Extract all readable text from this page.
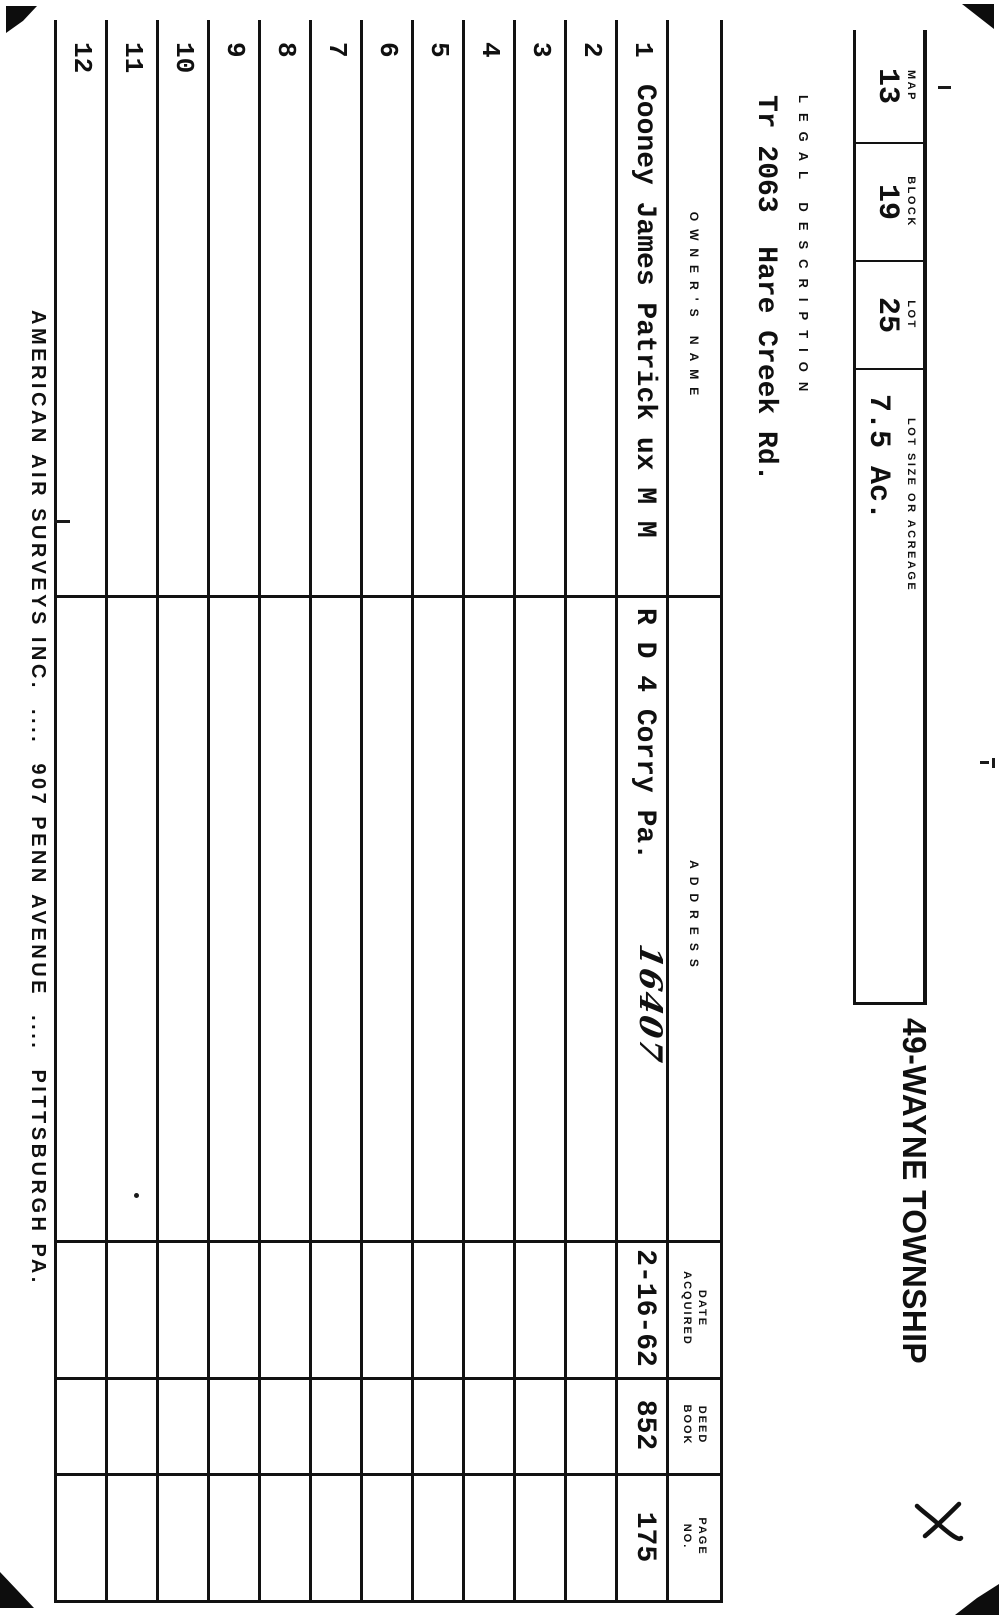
MAP
13
BLOCK
19
LOT
25
LOT SIZE OR ACREAGE
7.5 Ac.
49-WAYNE TOWNSHIP
LEGAL DESCRIPTION
Tr 2063  Hare Creek Rd.
OWNER'S NAME
ADDRESS
DATE
ACQUIRED
DEED
BOOK
PAGE
NO.
1
2
3
4
5
6
7
8
9
10
11
12
Cooney James Patrick ux M M
R D 4 Corry Pa.
16407
2-16-62
852
175
AMERICAN AIR SURVEYS INC.  ....  907 PENN AVENUE  ....  PITTSBURGH PA.
